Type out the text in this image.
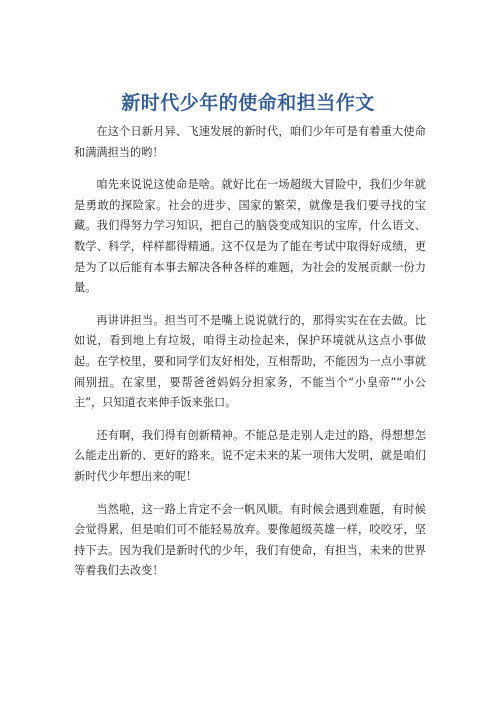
新时代少年的使命和担当作文

在这个日新月异、飞速发展的新时代，咱们少年可是有着重大使命和满满担当的哟！

咱先来说说这使命是啥。就好比在一场超级大冒险中，我们少年就是勇敢的探险家。社会的进步、国家的繁荣，就像是我们要寻找的宝藏。我们得努力学习知识，把自己的脑袋变成知识的宝库，什么语文、数学、科学，样样都得精通。这不仅是为了能在考试中取得好成绩，更是为了以后能有本事去解决各种各样的难题，为社会的发展贡献一份力量。

再讲讲担当。担当可不是嘴上说说就行的，那得实实在在去做。比如说，看到地上有垃圾，咱得主动捡起来，保护环境就从这点小事做起。在学校里，要和同学们友好相处，互相帮助，不能因为一点小事就闹别扭。在家里，要帮爸爸妈妈分担家务，不能当个“小皇帝”“小公主”，只知道衣来伸手饭来张口。

还有啊，我们得有创新精神。不能总是走别人走过的路，得想想怎么能走出新的、更好的路来。说不定未来的某一项伟大发明，就是咱们新时代少年想出来的呢！

当然啦，这一路上肯定不会一帆风顺。有时候会遇到难题，有时候会觉得累，但是咱们可不能轻易放弃。要像超级英雄一样，咬咬牙，坚持下去。因为我们是新时代的少年，我们有使命，有担当，未来的世界等着我们去改变！
